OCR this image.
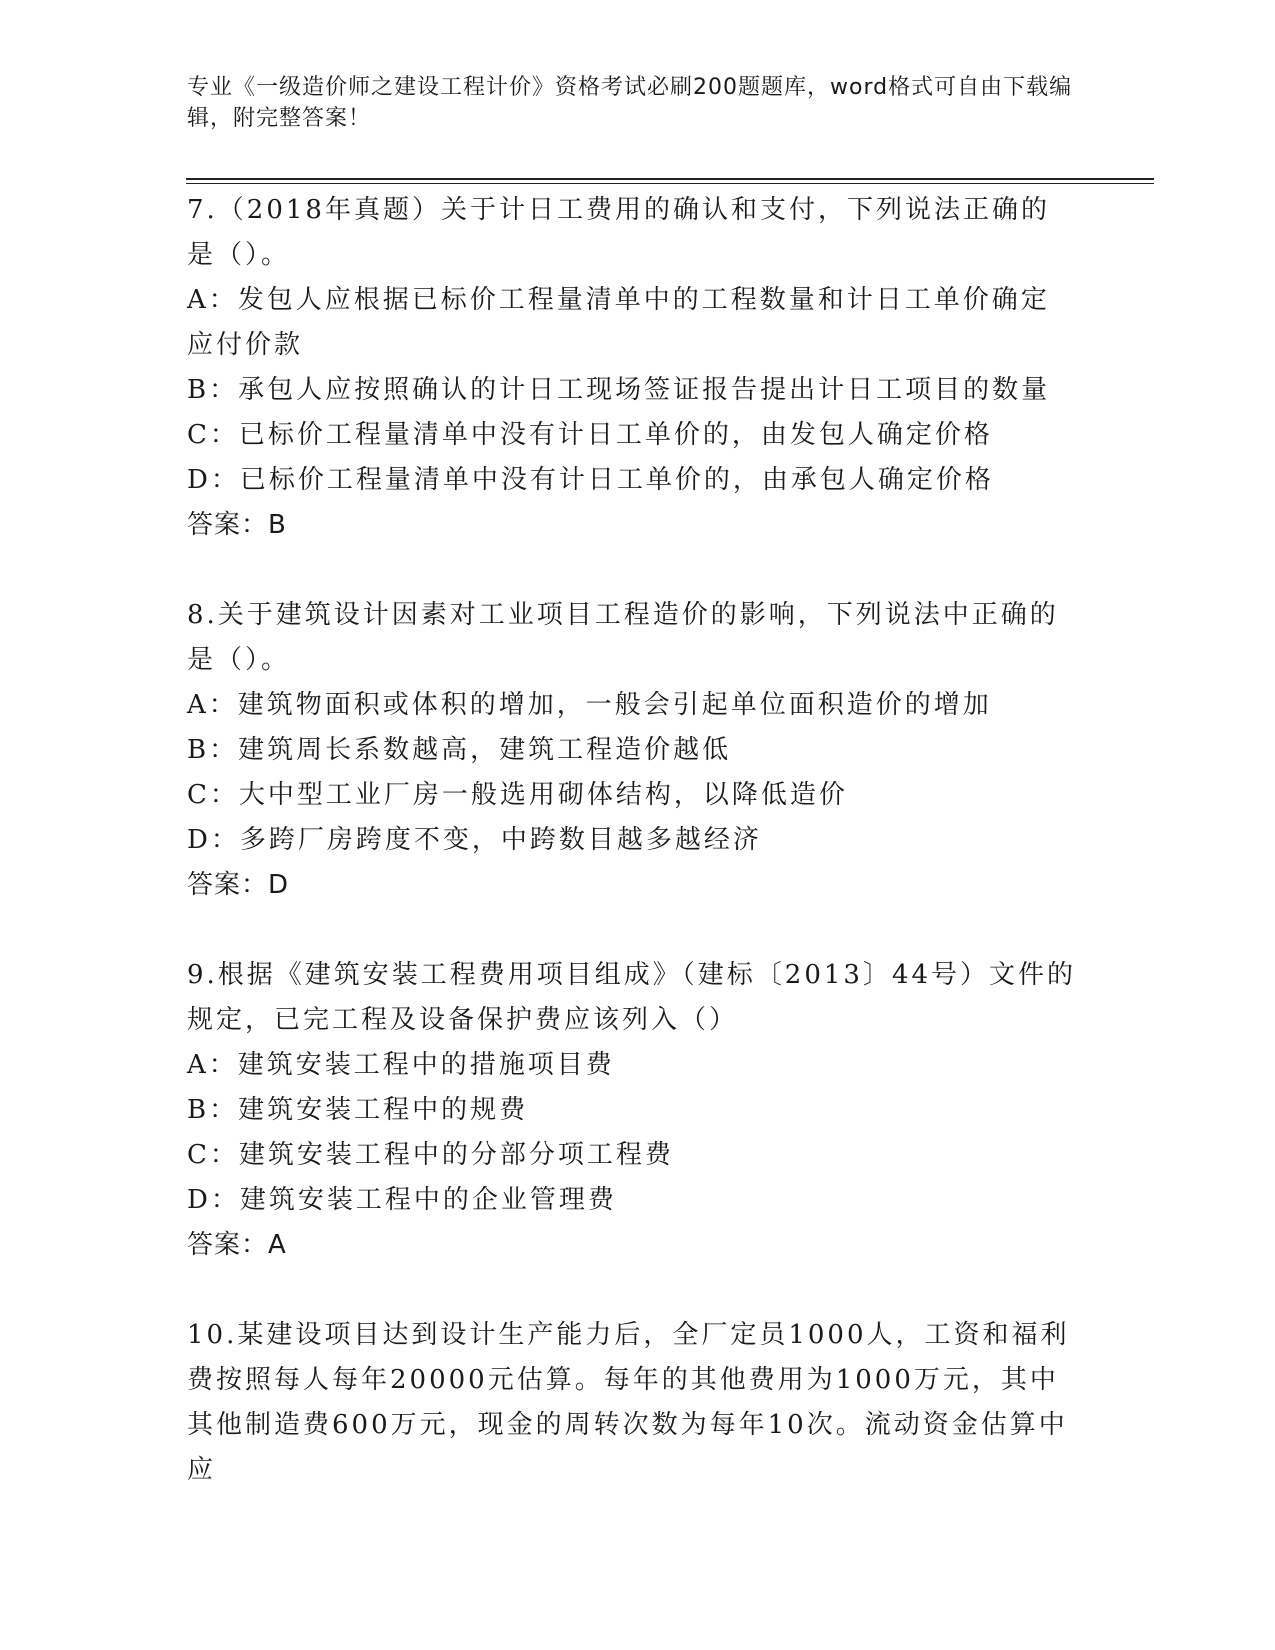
专业《一级造价师之建设工程计价》资格考试必刷200题题库，word格式可自由下载编辑，附完整答案！

7.（2018年真题）关于计日工费用的确认和支付，下列说法正确的是（）。

A：发包人应根据已标价工程量清单中的工程数量和计日工单价确定应付价款

B：承包人应按照确认的计日工现场签证报告提出计日工项目的数量

C：已标价工程量清单中没有计日工单价的，由发包人确定价格

D：已标价工程量清单中没有计日工单价的，由承包人确定价格

答案：B

8.关于建筑设计因素对工业项目工程造价的影响，下列说法中正确的是（）。

A：建筑物面积或体积的增加，一般会引起单位面积造价的增加

B：建筑周长系数越高，建筑工程造价越低

C：大中型工业厂房一般选用砌体结构，以降低造价

D：多跨厂房跨度不变，中跨数目越多越经济

答案：D

9.根据《建筑安装工程费用项目组成》（建标〔2013〕44号）文件的规定，已完工程及设备保护费应该列入（）

A：建筑安装工程中的措施项目费

B：建筑安装工程中的规费

C：建筑安装工程中的分部分项工程费

D：建筑安装工程中的企业管理费

答案：A

10.某建设项目达到设计生产能力后，全厂定员1000人，工资和福利费按照每人每年20000元估算。每年的其他费用为1000万元，其中其他制造费600万元，现金的周转次数为每年10次。流动资金估算中应
